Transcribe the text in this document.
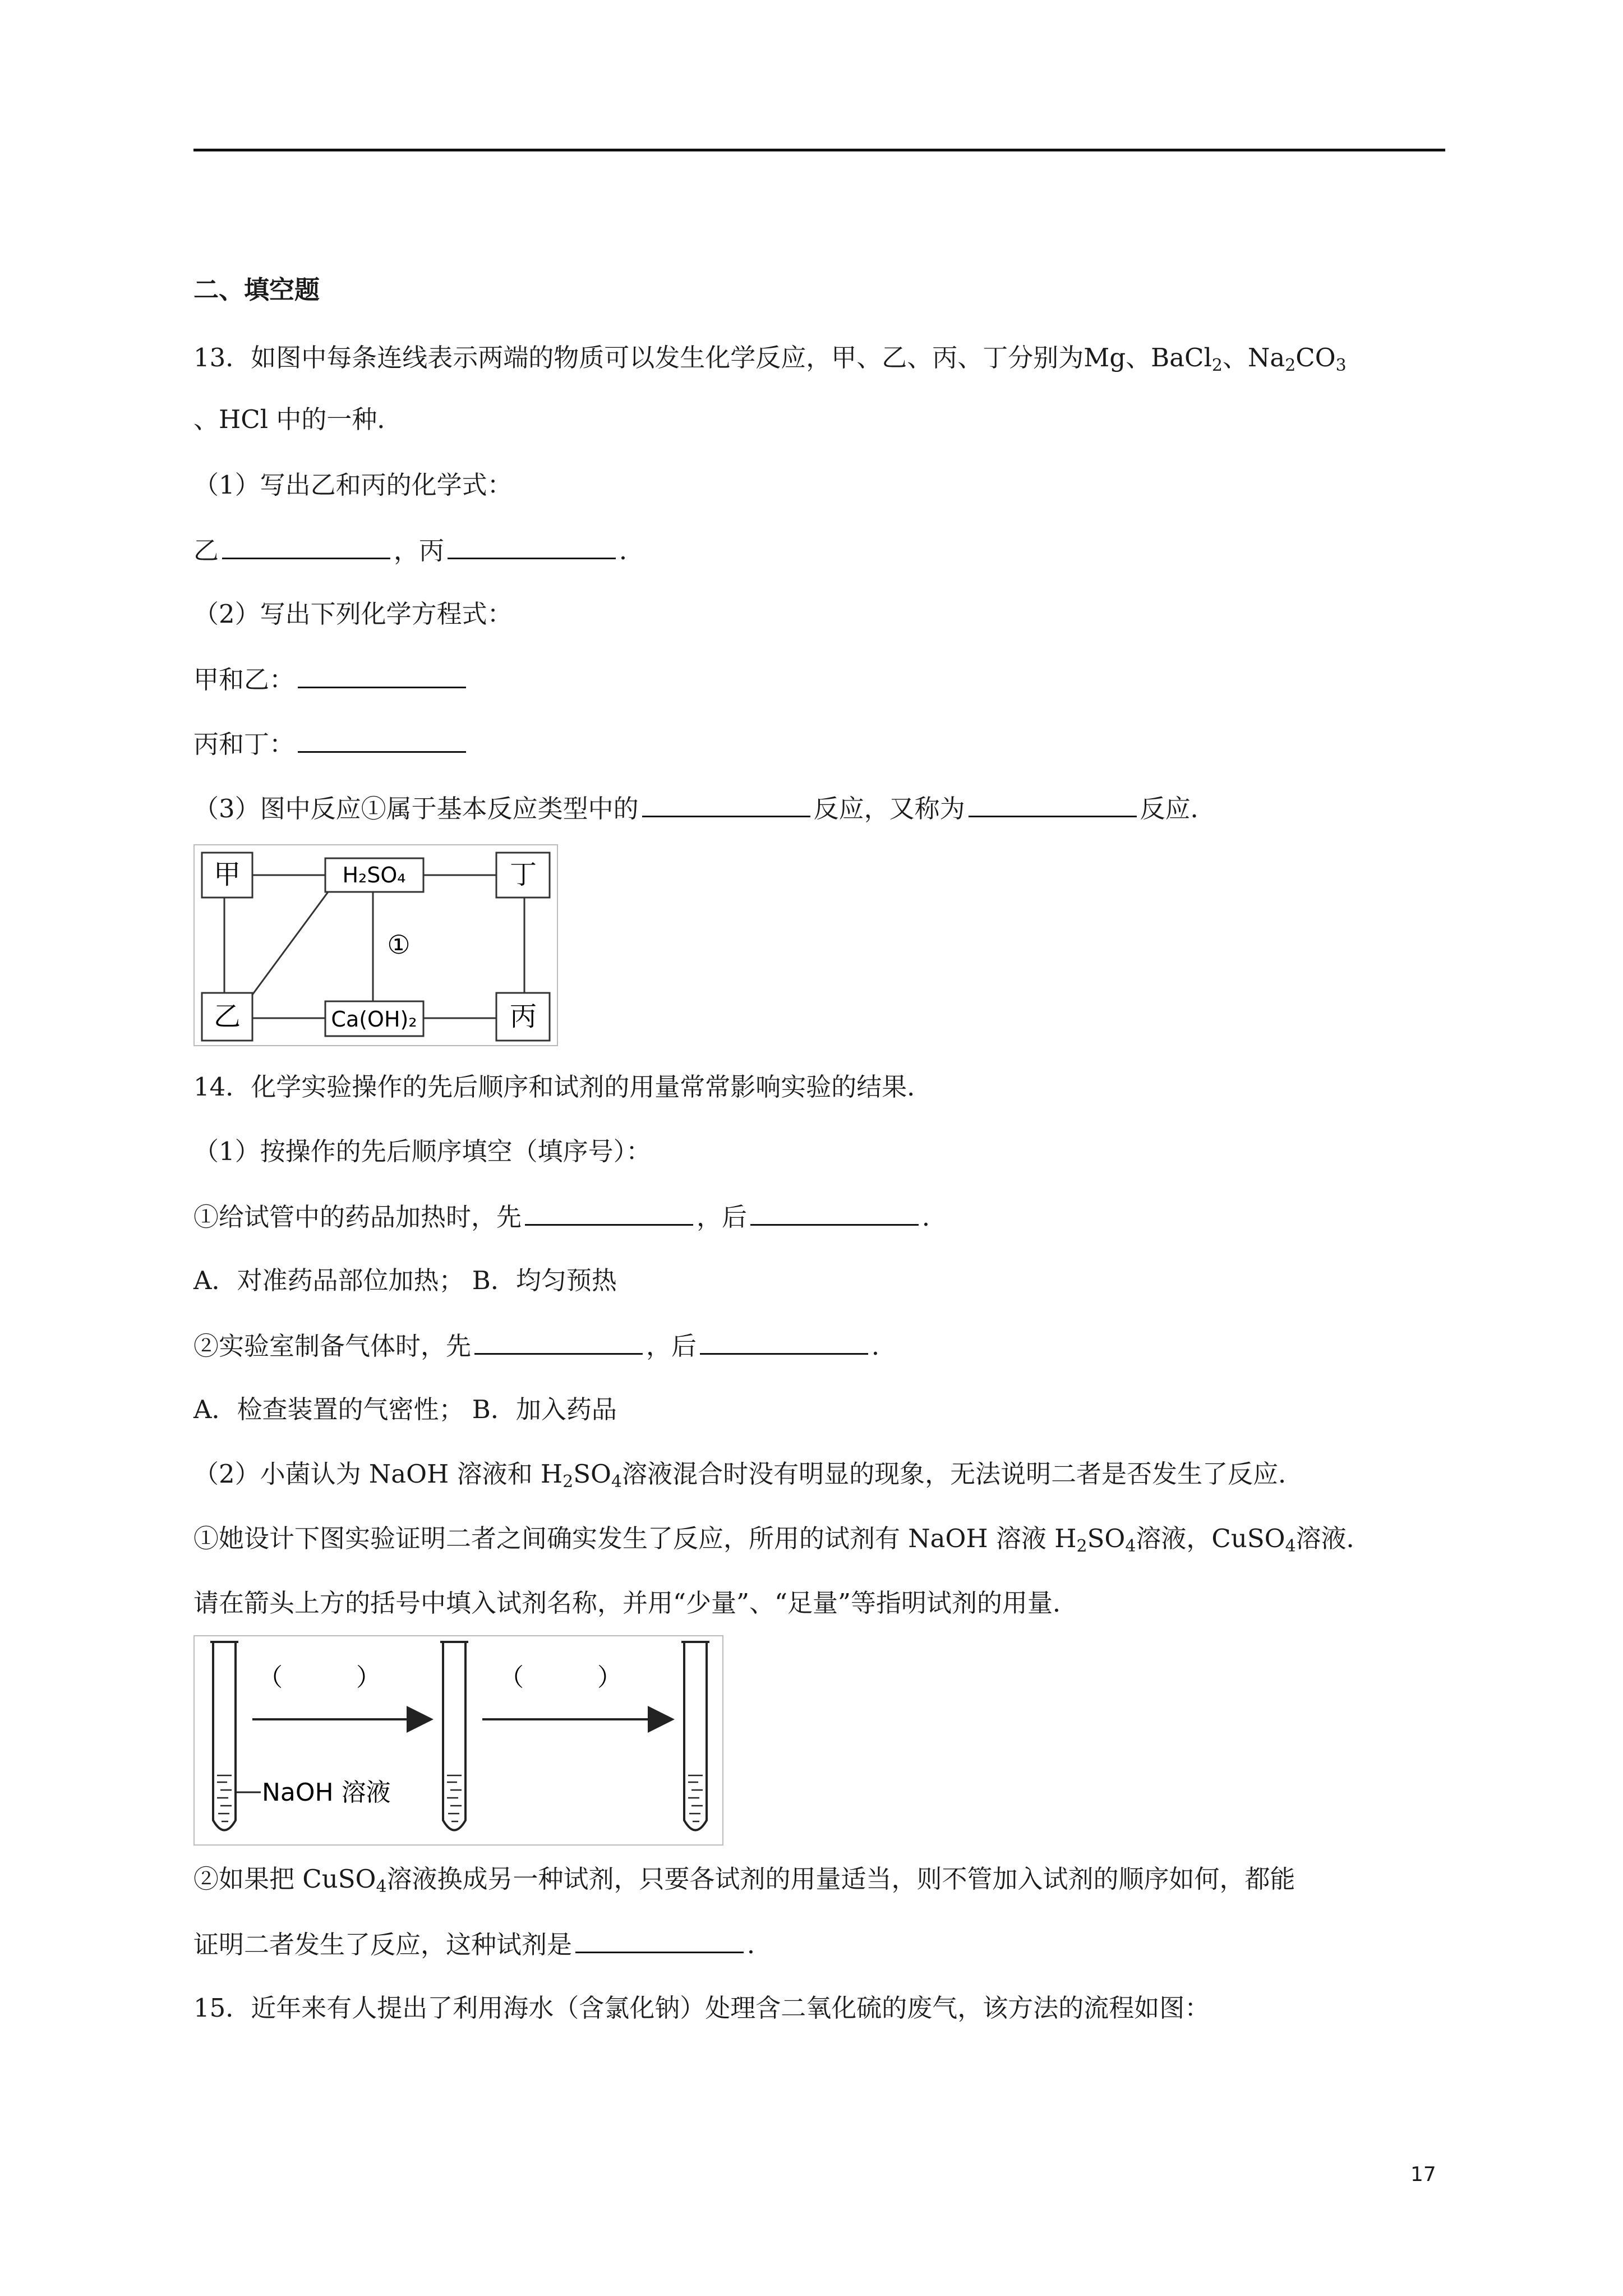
二、填空题
13．如图中每条连线表示两端的物质可以发生化学反应，甲、乙、丙、丁分别为Mg、BaCl$_2$、$Na_2CO_3$
、HCl 中的一种．
（1）写出乙和丙的化学式：
乙	，丙	．
（2）写出下列化学方程式：
甲和乙：
丙和丁：
（3）图中反应①属于基本反应类型中的	反应，又称为	反应．
甲	H₂SO₄	丁
乙	Ca(OH)₂	丙
①
14．化学实验操作的先后顺序和试剂的用量常常影响实验的结果．
（1）按操作的先后顺序填空（填序号）：
①给试管中的药品加热时，先	，后	．
A．对准药品部位加热； B．均匀预热
②实验室制备气体时，先	，后	．
A．检查装置的气密性； B．加入药品
（2）小菌认为 NaOH 溶液和 $H_2SO_4$溶液混合时没有明显的现象，无法说明二者是否发生了反应．
①她设计下图实验证明二者之间确实发生了反应，所用的试剂有 NaOH 溶液 $H_2SO_4$溶液，CuSO$_4$溶液．
请在箭头上方的括号中填入试剂名称，并用“少量”、“足量”等指明试剂的用量．
NaOH 溶液
（	）	（	）
②如果把 CuSO$_4$溶液换成另一种试剂，只要各试剂的用量适当，则不管加入试剂的顺序如何，都能
证明二者发生了反应，这种试剂是	．
15．近年来有人提出了利用海水（含氯化钠）处理含二氧化硫的废气，该方法的流程如图：
17
